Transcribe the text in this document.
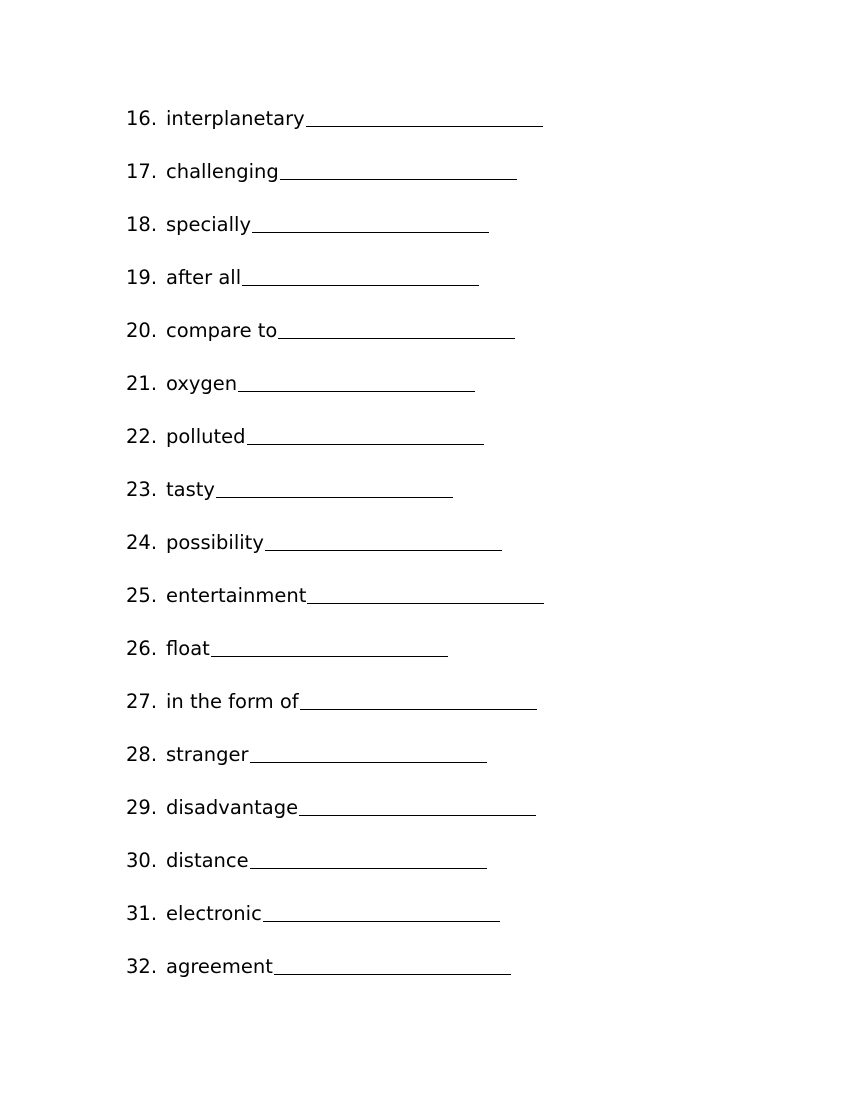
16. interplanetary
17. challenging
18. specially
19. after all
20. compare to
21. oxygen
22. polluted
23. tasty
24. possibility
25. entertainment
26. float
27. in the form of
28. stranger
29. disadvantage
30. distance
31. electronic
32. agreement
